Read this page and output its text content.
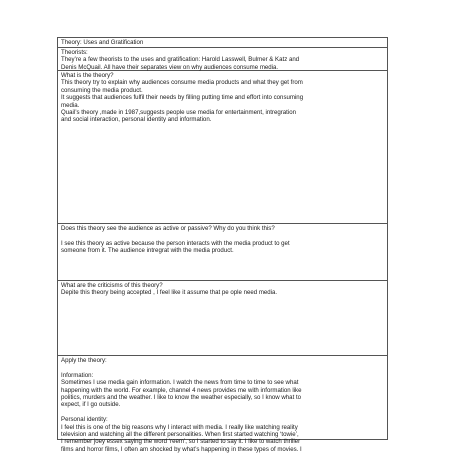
Theory: Uses and Gratification

Theorists:

They’re a few theorists to the uses and gratification: Harold Lasswell, Bulmer & Katz and

Denis McQuail. All have their separates view on why audiences consume media.

What is the theory?

This theory try to explain why audiences consume media products and what they get from

consuming the media product.

It suggests that audiences fulfil their needs by filling putting time and effort into consuming

media.

Quail’s theory ,made in 1987,suggests people use media for entertainment, intregration

and social interaction, personal identity and information.

Does this theory see the audience as active or passive? Why do you think this?

I see this theory as active because the person interacts with the media product to get

someone from it. The audience intregrat with the media product.

What are the criticisms of this theory?

Depite this theory being accepted , I feel like it assume that pe ople need media.

Apply the theory:

Information:

Sometimes I use media gain information. I watch the news from time to time to see what

happening with the world. For example, channel 4 news provides me with information like

politics, murders and the weather. I like to know the weather especially, so I know what to

expect, if I go outside.

Personal identity:

I feel this is one of the big reasons why I interact with media. I really like watching reality

television and watching all the different personalities. When first started watching ‘towie’,

I remember joey essex saying the word ‘reem’, so I started to say it. I like to watch thriller

films and horror films, I often am shocked by what’s happening in these types of movies. I
